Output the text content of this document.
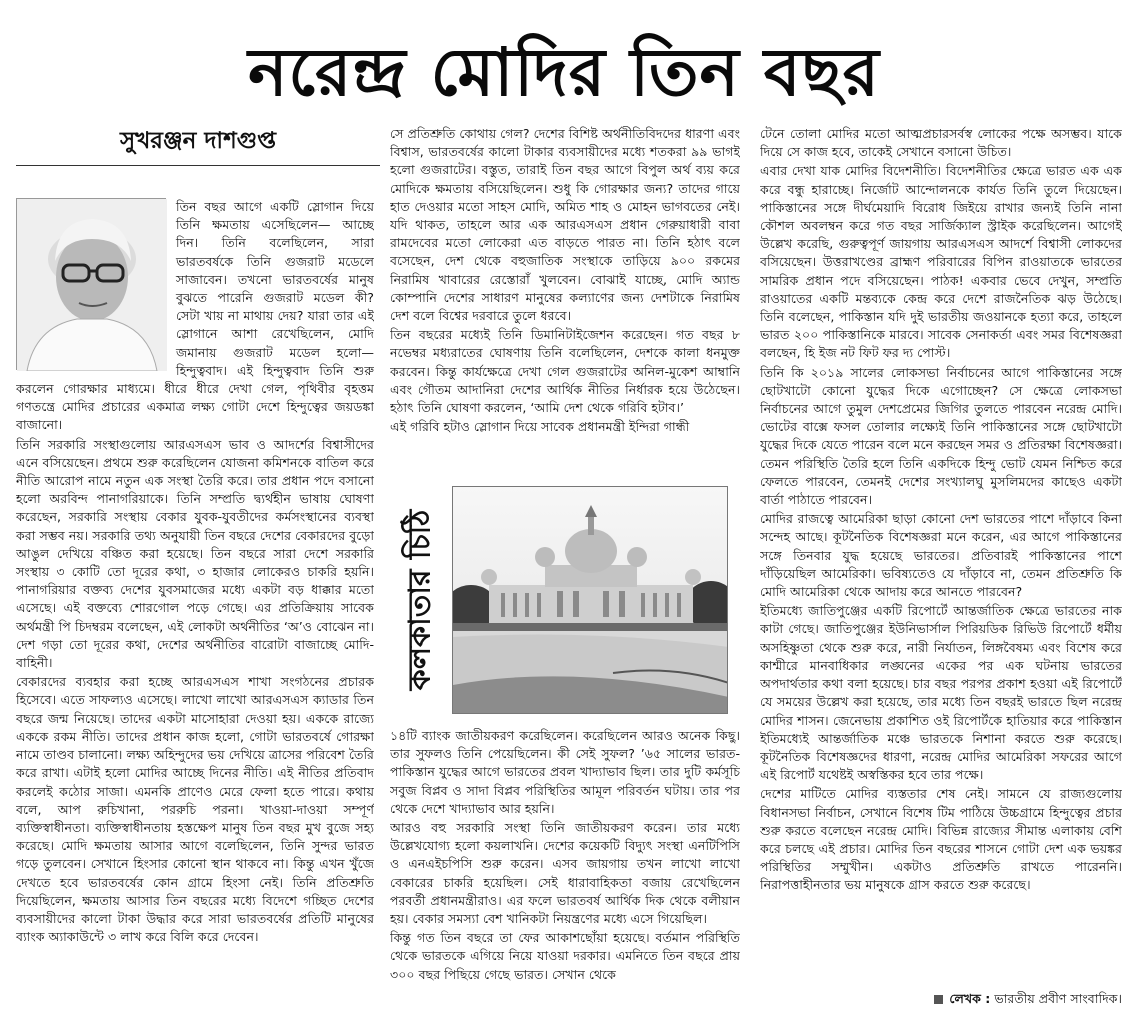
নরেন্দ্র মোদির তিন বছর
সুখরঞ্জন দাশগুপ্ত

তিন বছর আগে একটি স্লোগান দিয়ে তিনি ক্ষমতায় এসেছিলেন— আচ্ছে দিন। তিনি বলেছিলেন, সারা ভারতবর্ষকে তিনি গুজরাট মডেলে সাজাবেন। তখনো ভারতবর্ষের মানুষ বুঝতে পারেনি গুজরাট মডেল কী? সেটা খায় না মাথায় দেয়? যারা তার এই স্লোগানে আশা রেখেছিলেন, মোদি জমানায় গুজরাট মডেল হলো— হিন্দুত্ববাদ। এই হিন্দুত্ববাদ তিনি শুরু করলেন গোরক্ষার মাধ্যমে। ধীরে ধীরে দেখা গেল, পৃথিবীর বৃহত্তম গণতন্ত্রে মোদির প্রচারের একমাত্র লক্ষ্য গোটা দেশে হিন্দুত্বের জয়ডঙ্কা বাজানো।

তিনি সরকারি সংস্থাগুলোয় আরএসএস ভাব ও আদর্শের বিশ্বাসীদের এনে বসিয়েছেন। প্রথমে শুরু করেছিলেন যোজনা কমিশনকে বাতিল করে নীতি আরোপ নামে নতুন এক সংস্থা তৈরি করে। তার প্রধান পদে বসানো হলো অরবিন্দ পানাগরিয়াকে। তিনি সম্প্রতি দ্ব্যর্থহীন ভাষায় ঘোষণা করেছেন, সরকারি সংস্থায় বেকার যুবক-যুবতীদের কর্মসংস্থানের ব্যবস্থা করা সম্ভব নয়। সরকারি তথ্য অনুযায়ী তিন বছরে দেশের বেকারদের বুড়ো আঙুল দেখিয়ে বঞ্চিত করা হয়েছে। তিন বছরে সারা দেশে সরকারি সংস্থায় ৩ কোটি তো দূরের কথা, ৩ হাজার লোকেরও চাকরি হয়নি। পানাগরিয়ার বক্তব্য দেশের যুবসমাজের মধ্যে একটা বড় ধাক্কার মতো এসেছে। এই বক্তব্যে শোরগোল পড়ে গেছে। এর প্রতিক্রিয়ায় সাবেক অর্থমন্ত্রী পি চিদম্বরম বলেছেন, এই লোকটা অর্থনীতির ‘অ’ও বোঝেন না। দেশ গড়া তো দূরের কথা, দেশের অর্থনীতির বারোটা বাজাচ্ছে মোদি-বাহিনী।

বেকারদের ব্যবহার করা হচ্ছে আরএসএস শাখা সংগঠনের প্রচারক হিসেবে। এতে সাফল্যও এসেছে। লাখো লাখো আরএসএস ক্যাডার তিন বছরে জন্ম নিয়েছে। তাদের একটা মাসোহারা দেওয়া হয়। এককে রাজ্যে এককে রকম নীতি। তাদের প্রধান কাজ হলো, গোটা ভারতবর্ষে গোরক্ষা নামে তাণ্ডব চালানো। লক্ষ্য অহিন্দুদের ভয় দেখিয়ে ত্রাসের পরিবেশ তৈরি করে রাখা। এটাই হলো মোদির আচ্ছে দিনের নীতি। এই নীতির প্রতিবাদ করলেই কঠোর সাজা। এমনকি প্রাণেও মেরে ফেলা হতে পারে। কথায় বলে, আপ রুচিখানা, পররুচি পরনা। খাওয়া-দাওয়া সম্পূর্ণ ব্যক্তিস্বাধীনতা। ব্যক্তিস্বাধীনতায় হস্তক্ষেপ মানুষ তিন বছর মুখ বুজে সহ্য করেছে। মোদি ক্ষমতায় আসার আগে বলেছিলেন, তিনি সুন্দর ভারত গড়ে তুলবেন। সেখানে হিংসার কোনো স্থান থাকবে না। কিন্তু এখন খুঁজে দেখতে হবে ভারতবর্ষের কোন গ্রামে হিংসা নেই। তিনি প্রতিশ্রুতি দিয়েছিলেন, ক্ষমতায় আসার তিন বছরের মধ্যে বিদেশে গচ্ছিত দেশের ব্যবসায়ীদের কালো টাকা উদ্ধার করে সারা ভারতবর্ষের প্রতিটি মানুষের ব্যাংক অ্যাকাউন্টে ৩ লাখ করে বিলি করে দেবেন।

সে প্রতিশ্রুতি কোথায় গেল? দেশের বিশিষ্ট অর্থনীতিবিদদের ধারণা এবং বিশ্বাস, ভারতবর্ষের কালো টাকার ব্যবসায়ীদের মধ্যে শতকরা ৯৯ ভাগই হলো গুজরাটের। বস্তুত, তারাই তিন বছর আগে বিপুল অর্থ ব্যয় করে মোদিকে ক্ষমতায় বসিয়েছিলেন। শুধু কি গোরক্ষার জন্য? তাদের গায়ে হাত দেওয়ার মতো সাহস মোদি, অমিত শাহ ও মোহন ভাগবতের নেই। যদি থাকত, তাহলে আর এক আরএসএস প্রধান গেরুয়াধারী বাবা রামদেবের মতো লোকেরা এত বাড়তে পারত না। তিনি হঠাৎ বলে বসেছেন, দেশ থেকে বহুজাতিক সংস্থাকে তাড়িয়ে ৯০০ রকমের নিরামিষ খাবারের রেস্তোরাঁ খুলবেন। বোঝাই যাচ্ছে, মোদি অ্যান্ড কোম্পানি দেশের সাধারণ মানুষের কল্যাণের জন্য দেশটাকে নিরামিষ দেশ বলে বিশ্বের দরবারে তুলে ধরবে।

তিন বছরের মধ্যেই তিনি ডিমানিটাইজেশন করেছেন। গত বছর ৮ নভেম্বর মধ্যরাতের ঘোষণায় তিনি বলেছিলেন, দেশকে কালা ধনমুক্ত করবেন। কিন্তু কার্যক্ষেত্রে দেখা গেল গুজরাটের অনিল-মুকেশ আম্বানি এবং গৌতম আদানিরা দেশের আর্থিক নীতির নির্ধারক হয়ে উঠেছেন। হঠাৎ তিনি ঘোষণা করলেন, ‘আমি দেশ থেকে গরিবি হটাব।’

এই গরিবি হটাও স্লোগান দিয়ে সাবেক প্রধানমন্ত্রী ইন্দিরা গান্ধী

কলকাতার চিঠি

১৪টি ব্যাংক জাতীয়করণ করেছিলেন। করেছিলেন আরও অনেক কিছু। তার সুফলও তিনি পেয়েছিলেন। কী সেই সুফল? ’৬৫ সালের ভারত-পাকিস্তান যুদ্ধের আগে ভারতের প্রবল খাদ্যাভাব ছিল। তার দুটি কর্মসূচি সবুজ বিপ্লব ও সাদা বিপ্লব পরিস্থিতির আমূল পরিবর্তন ঘটায়। তার পর থেকে দেশে খাদ্যাভাব আর হয়নি।

আরও বহু সরকারি সংস্থা তিনি জাতীয়করণ করেন। তার মধ্যে উল্লেখযোগ্য হলো কয়লাখনি। দেশের কয়েকটি বিদ্যুৎ সংস্থা এনটিপিসি ও এনএইচপিসি শুরু করেন। এসব জায়গায় তখন লাখো লাখো বেকারের চাকরি হয়েছিল। সেই ধারাবাহিকতা বজায় রেখেছিলেন পরবর্তী প্রধানমন্ত্রীরাও। এর ফলে ভারতবর্ষ আর্থিক দিক থেকে বলীয়ান হয়। বেকার সমস্যা বেশ খানিকটা নিয়ন্ত্রণের মধ্যে এসে গিয়েছিল।

কিন্তু গত তিন বছরে তা ফের আকাশছোঁয়া হয়েছে। বর্তমান পরিস্থিতি থেকে ভারতকে এগিয়ে নিয়ে যাওয়া দরকার। এমনিতে তিন বছরে প্রায় ৩০০ বছর পিছিয়ে গেছে ভারত। সেখান থেকে

টেনে তোলা মোদির মতো আত্মপ্রচারসর্বস্ব লোকের পক্ষে অসম্ভব। যাকে দিয়ে সে কাজ হবে, তাকেই সেখানে বসানো উচিত।

এবার দেখা যাক মোদির বিদেশনীতি। বিদেশনীতির ক্ষেত্রে ভারত এক এক করে বন্ধু হারাচ্ছে। নির্জোট আন্দোলনকে কার্যত তিনি তুলে দিয়েছেন। পাকিস্তানের সঙ্গে দীর্ঘমেয়াদি বিরোধ জিইয়ে রাখার জন্যই তিনি নানা কৌশল অবলম্বন করে গত বছর সার্জিক্যাল স্ট্রাইক করেছিলেন। আগেই উল্লেখ করেছি, গুরুত্বপূর্ণ জায়গায় আরএসএস আদর্শে বিশ্বাসী লোকদের বসিয়েছেন। উত্তরাখণ্ডের ব্রাহ্মণ পরিবারের বিপিন রাওয়াতকে ভারতের সামরিক প্রধান পদে বসিয়েছেন। পাঠক! একবার ভেবে দেখুন, সম্প্রতি রাওয়াতের একটি মন্তব্যকে কেন্দ্র করে দেশে রাজনৈতিক ঝড় উঠেছে। তিনি বলেছেন, পাকিস্তান যদি দুই ভারতীয় জওয়ানকে হত্যা করে, তাহলে ভারত ২০০ পাকিস্তানিকে মারবে। সাবেক সেনাকর্তা এবং সমর বিশেষজ্ঞরা বলছেন, হি ইজ নট ফিট ফর দ্য পোস্ট।

তিনি কি ২০১৯ সালের লোকসভা নির্বাচনের আগে পাকিস্তানের সঙ্গে ছোটখাটো কোনো যুদ্ধের দিকে এগোচ্ছেন? সে ক্ষেত্রে লোকসভা নির্বাচনের আগে তুমুল দেশপ্রেমের জিগির তুলতে পারবেন নরেন্দ্র মোদি। ভোটের বাক্সে ফসল তোলার লক্ষ্যেই তিনি পাকিস্তানের সঙ্গে ছোটখাটো যুদ্ধের দিকে যেতে পারেন বলে মনে করছেন সমর ও প্রতিরক্ষা বিশেষজ্ঞরা। তেমন পরিস্থিতি তৈরি হলে তিনি একদিকে হিন্দু ভোট যেমন নিশ্চিত করে ফেলতে পারবেন, তেমনই দেশের সংখ্যালঘু মুসলিমদের কাছেও একটা বার্তা পাঠাতে পারবেন।

মোদির রাজত্বে আমেরিকা ছাড়া কোনো দেশ ভারতের পাশে দাঁড়াবে কিনা সন্দেহ আছে। কূটনৈতিক বিশেষজ্ঞরা মনে করেন, এর আগে পাকিস্তানের সঙ্গে তিনবার যুদ্ধ হয়েছে ভারতের। প্রতিবারই পাকিস্তানের পাশে দাঁড়িয়েছিল আমেরিকা। ভবিষ্যতেও যে দাঁড়াবে না, তেমন প্রতিশ্রুতি কি মোদি আমেরিকা থেকে আদায় করে আনতে পারবেন?

ইতিমধ্যে জাতিপুঞ্জের একটি রিপোর্টে আন্তর্জাতিক ক্ষেত্রে ভারতের নাক কাটা গেছে। জাতিপুঞ্জের ইউনিভার্সাল পিরিয়ডিক রিভিউ রিপোর্টে ধর্মীয় অসহিষ্ণুতা থেকে শুরু করে, নারী নির্যাতন, লিঙ্গবৈষম্য এবং বিশেষ করে কাশ্মীরে মানবাধিকার লঙ্ঘনের একের পর এক ঘটনায় ভারতের অপদার্থতার কথা বলা হয়েছে। চার বছর পরপর প্রকাশ হওয়া এই রিপোর্টে যে সময়ের উল্লেখ করা হয়েছে, তার মধ্যে তিন বছরই ভারতে ছিল নরেন্দ্র মোদির শাসন। জেনেভায় প্রকাশিত ওই রিপোর্টকে হাতিয়ার করে পাকিস্তান ইতিমধ্যেই আন্তর্জাতিক মঞ্চে ভারতকে নিশানা করতে শুরু করেছে। কূটনৈতিক বিশেষজ্ঞদের ধারণা, নরেন্দ্র মোদির আমেরিকা সফরের আগে এই রিপোর্ট যথেষ্টই অস্বস্তিকর হবে তার পক্ষে।

দেশের মাটিতে মোদির ব্যস্ততার শেষ নেই। সামনে যে রাজ্যগুলোয় বিধানসভা নির্বাচন, সেখানে বিশেষ টিম পাঠিয়ে উচ্চগ্রামে হিন্দুত্বের প্রচার শুরু করতে বলেছেন নরেন্দ্র মোদি। বিভিন্ন রাজ্যের সীমান্ত এলাকায় বেশি করে চলছে এই প্রচার। মোদির তিন বছরের শাসনে গোটা দেশ এক ভয়ঙ্কর পরিস্থিতির সম্মুখীন। একটাও প্রতিশ্রুতি রাখতে পারেননি। নিরাপত্তাহীনতার ভয় মানুষকে গ্রাস করতে শুরু করেছে।

লেখক : ভারতীয় প্রবীণ সাংবাদিক।
